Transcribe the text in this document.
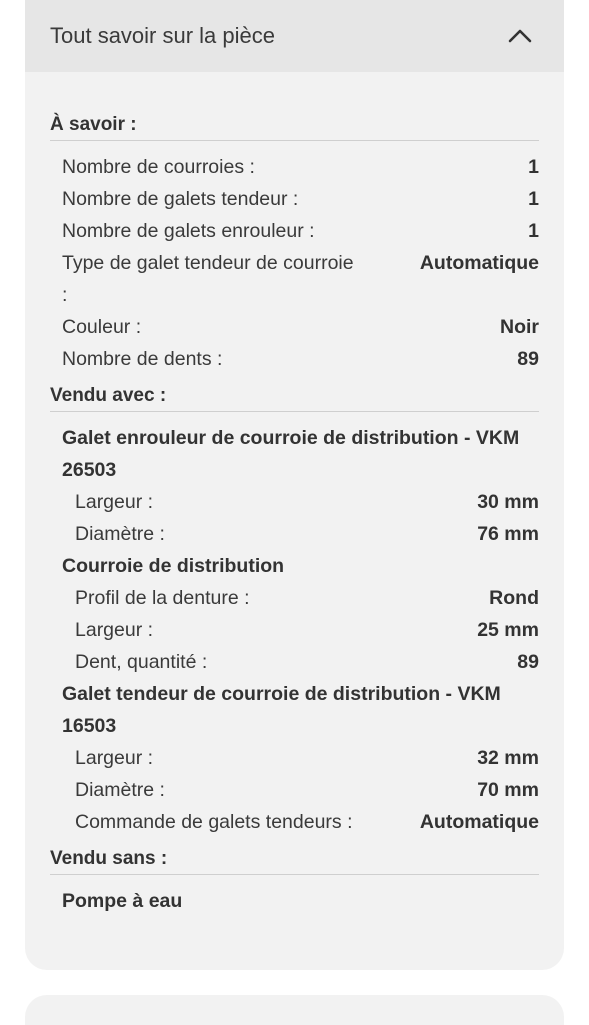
Tout savoir sur la pièce
À savoir :
Nombre de courroies :	1
Nombre de galets tendeur :	1
Nombre de galets enrouleur :	1
Type de galet tendeur de courroie :
Automatique
Couleur :	Noir
Nombre de dents :	89
Vendu avec :
Galet enrouleur de courroie de distribution - VKM 26503
Largeur :	30 mm
Diamètre :	76 mm
Courroie de distribution
Profil de la denture :	Rond
Largeur :	25 mm
Dent, quantité :	89
Galet tendeur de courroie de distribution - VKM 16503
Largeur :	32 mm
Diamètre :	70 mm
Commande de galets tendeurs :	Automatique
Vendu sans :
Pompe à eau
